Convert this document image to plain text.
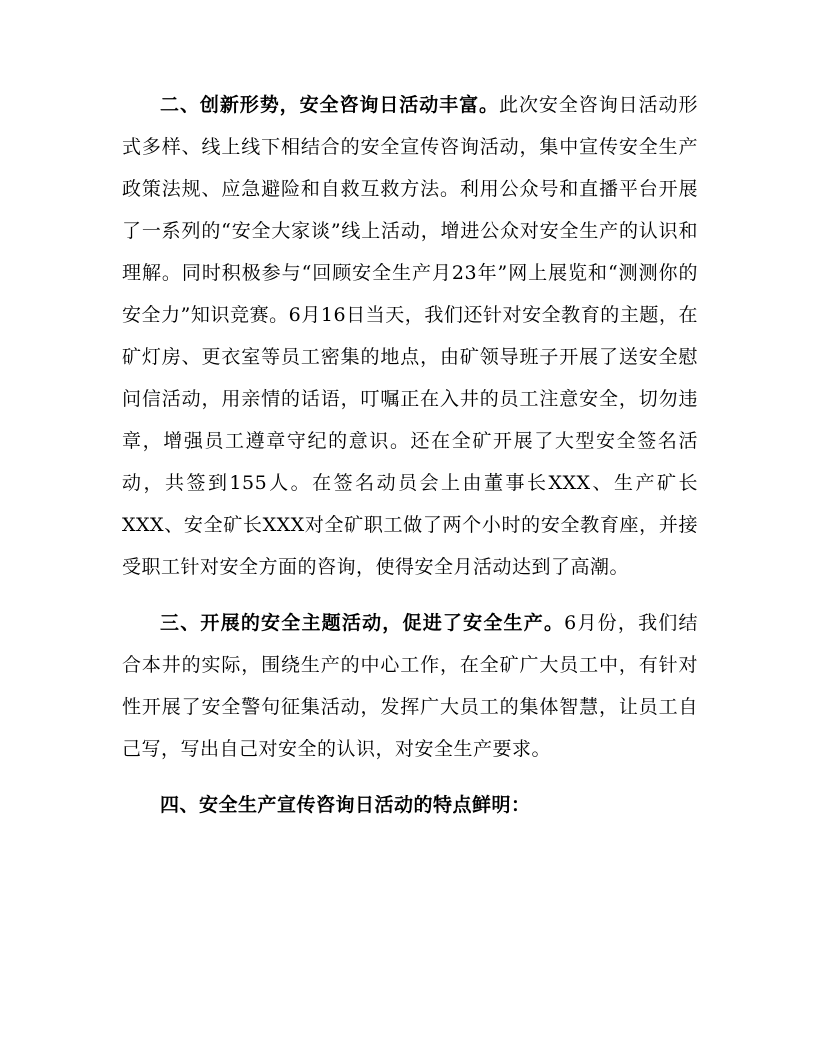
二、创新形势，安全咨询日活动丰富。此次安全咨询日活动形式多样、线上线下相结合的安全宣传咨询活动，集中宣传安全生产政策法规、应急避险和自救互救方法。利用公众号和直播平台开展了一系列的“安全大家谈”线上活动，增进公众对安全生产的认识和理解。同时积极参与“回顾安全生产月23年”网上展览和“测测你的安全力”知识竞赛。6月16日当天，我们还针对安全教育的主题，在矿灯房、更衣室等员工密集的地点，由矿领导班子开展了送安全慰问信活动，用亲情的话语，叮嘱正在入井的员工注意安全，切勿违章，增强员工遵章守纪的意识。还在全矿开展了大型安全签名活动，共签到155人。在签名动员会上由董事长XXX、生产矿长XXX、安全矿长XXX对全矿职工做了两个小时的安全教育座，并接受职工针对安全方面的咨询，使得安全月活动达到了高潮。

三、开展的安全主题活动，促进了安全生产。6月份，我们结合本井的实际，围绕生产的中心工作，在全矿广大员工中，有针对性开展了安全警句征集活动，发挥广大员工的集体智慧，让员工自己写，写出自己对安全的认识，对安全生产要求。

四、安全生产宣传咨询日活动的特点鲜明：
